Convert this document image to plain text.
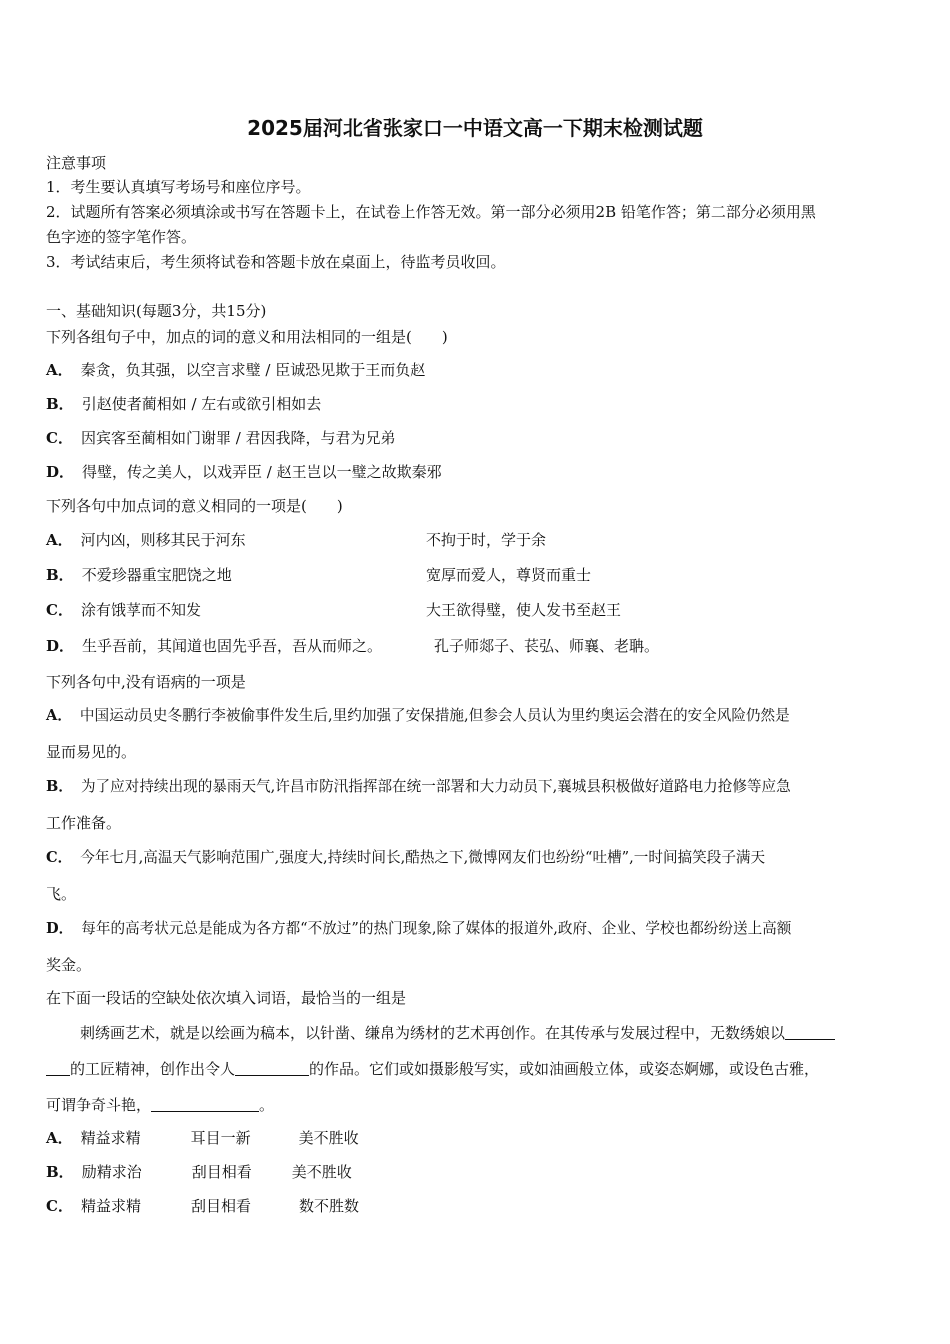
2025届河北省张家口一中语文高一下期末检测试题
注意事项
1．考生要认真填写考场号和座位序号。
2．试题所有答案必须填涂或书写在答题卡上，在试卷上作答无效。第一部分必须用2B 铅笔作答；第二部分必须用黑
色字迹的签字笔作答。
3．考试结束后，考生须将试卷和答题卡放在桌面上，待监考员收回。
一、基础知识(每题3分，共15分)
下列各组句子中，加点的词的意义和用法相同的一组是(　　)
A． 秦贪，负其强，以空言求璧 / 臣诚恐见欺于王而负赵
B． 引赵使者蔺相如 / 左右或欲引相如去
C． 因宾客至蔺相如门谢罪 / 君因我降，与君为兄弟
D． 得璧，传之美人，以戏弄臣 / 赵王岂以一璧之故欺秦邪
下列各句中加点词的意义相同的一项是(　　)
A． 河内凶，则移其民于河东	不拘于时，学于余
B． 不爱珍器重宝肥饶之地	宽厚而爱人，尊贤而重士
C． 涂有饿莩而不知发	大王欲得璧，使人发书至赵王
D． 生乎吾前，其闻道也固先乎吾，吾从而师之。	孔子师郯子、苌弘、师襄、老聃。
下列各句中,没有语病的一项是
A． 中国运动员史冬鹏行李被偷事件发生后,里约加强了安保措施,但参会人员认为里约奥运会潜在的安全风险仍然是
显而易见的。
B． 为了应对持续出现的暴雨天气,许昌市防汛指挥部在统一部署和大力动员下,襄城县积极做好道路电力抢修等应急
工作准备。
C． 今年七月,高温天气影响范围广,强度大,持续时间长,酷热之下,微博网友们也纷纷“吐槽”,一时间搞笑段子满天
飞。
D． 每年的高考状元总是能成为各方都“不放过”的热门现象,除了媒体的报道外,政府、企业、学校也都纷纷送上高额
奖金。
在下面一段话的空缺处依次填入词语，最恰当的一组是
刺绣画艺术，就是以绘画为稿本，以针凿、缣帛为绣材的艺术再创作。在其传承与发展过程中，无数绣娘以
的工匠精神，创作出令人	的作品。它们或如摄影般写实，或如油画般立体，或姿态婀娜，或设色古雅，
可谓争奇斗艳，	。
A． 精益求精	耳目一新	美不胜收
B． 励精求治	刮目相看	美不胜收
C． 精益求精	刮目相看	数不胜数
